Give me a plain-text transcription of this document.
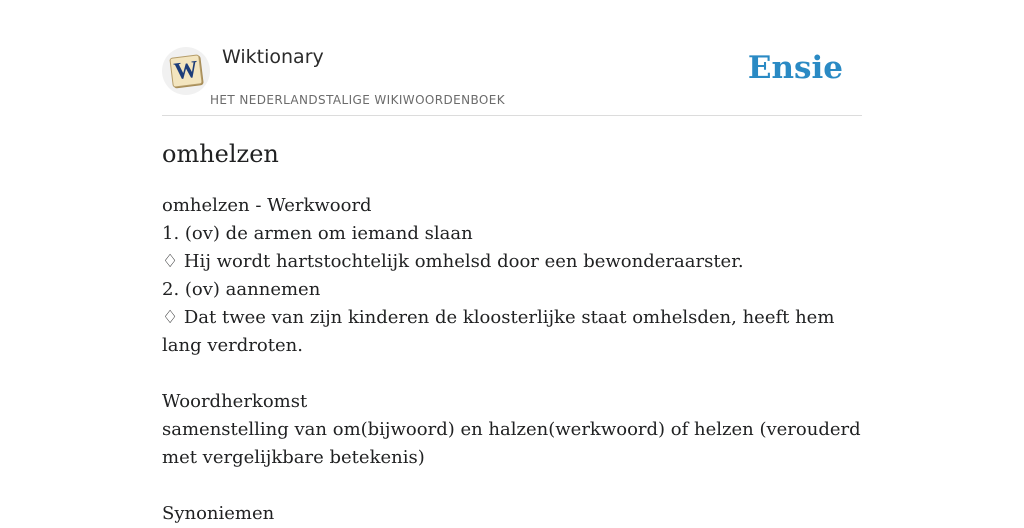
W Wiktionary
HET NEDERLANDSTALIGE WIKIWOORDENBOEK
Ensie
omhelzen

omhelzen - Werkwoord

1. (ov) de armen om iemand slaan

♢ Hij wordt hartstochtelijk omhelsd door een bewonderaarster.

2. (ov) aannemen

♢ Dat twee van zijn kinderen de kloosterlijke staat omhelsden, heeft hem lang verdroten.

Woordherkomst

samenstelling van om(bijwoord) en halzen(werkwoord) of helzen (verouderd met vergelijkbare betekenis)

Synoniemen
